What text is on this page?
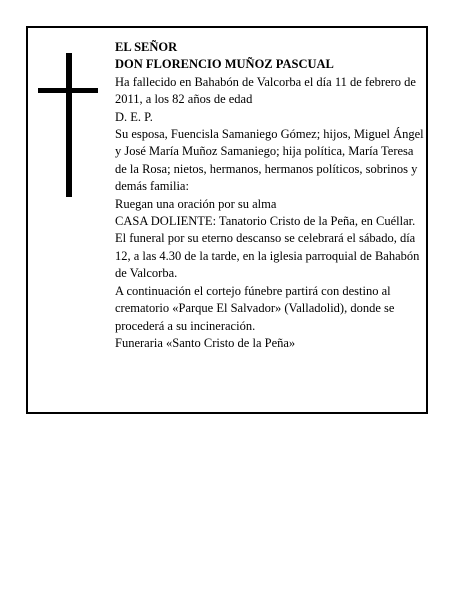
EL SEÑOR

DON FLORENCIO MUÑOZ PASCUAL

Ha fallecido en Bahabón de Valcorba el día 11 de febrero de 2011, a los 82 años de edad

D. E. P.

Su esposa, Fuencisla Samaniego Gómez; hijos, Miguel Ángel y José María Muñoz Samaniego; hija política, María Teresa de la Rosa; nietos, hermanos, hermanos políticos, sobrinos y demás familia:

Ruegan una oración por su alma

CASA DOLIENTE: Tanatorio Cristo de la Peña, en Cuéllar.

El funeral por su eterno descanso se celebrará el sábado, día 12, a las 4.30 de la tarde, en la iglesia parroquial de Bahabón de Valcorba.

A continuación el cortejo fúnebre partirá con destino al crematorio «Parque El Salvador» (Valladolid), donde se procederá a su incineración.

Funeraria «Santo Cristo de la Peña»
